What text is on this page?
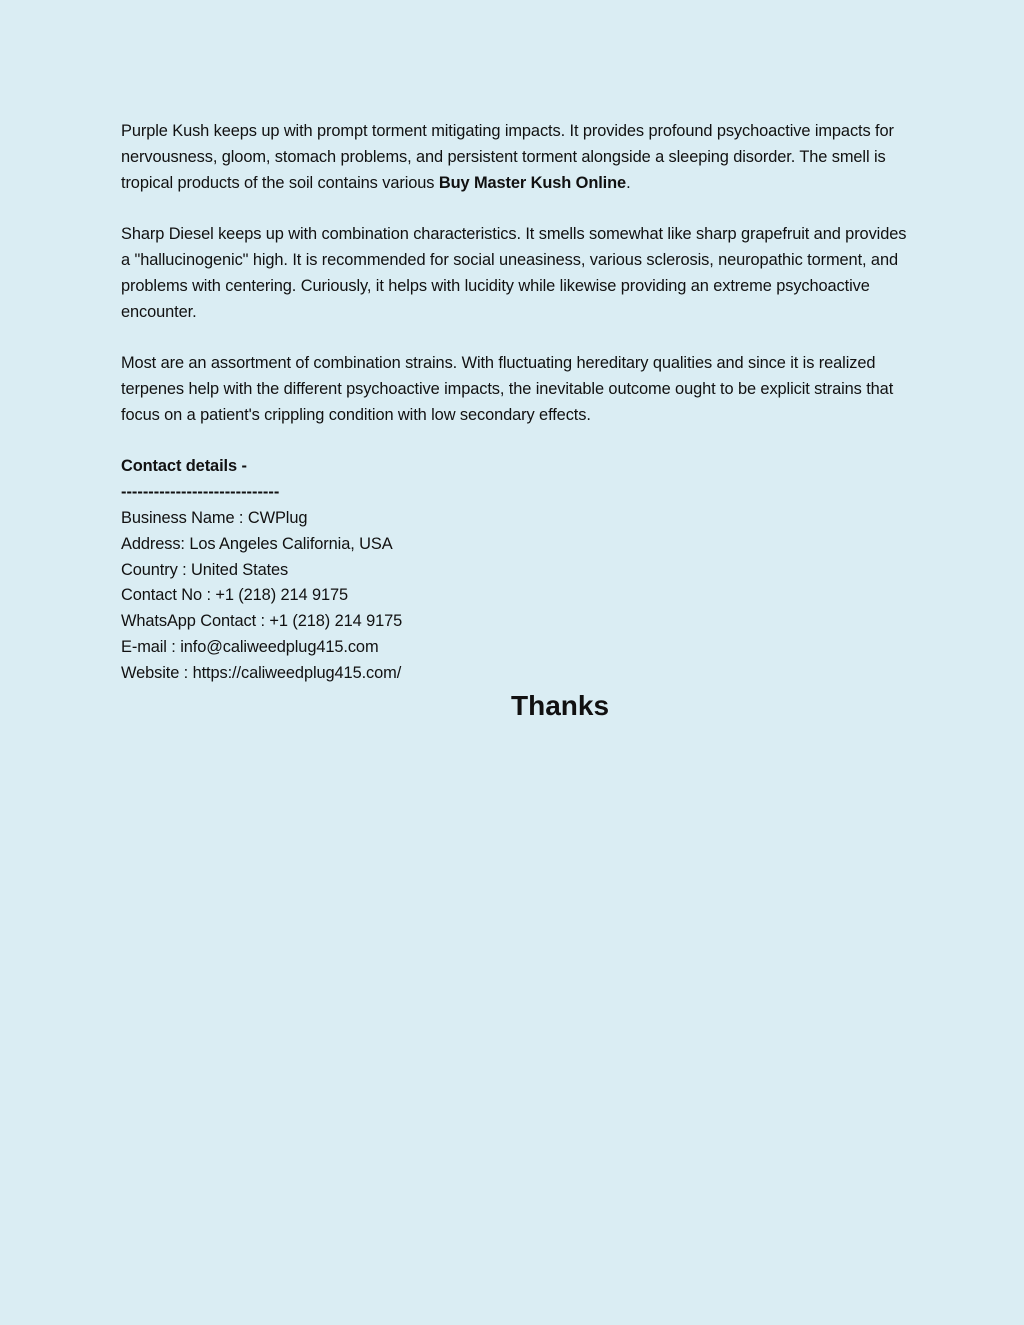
Purple Kush keeps up with prompt torment mitigating impacts. It provides profound psychoactive impacts for nervousness, gloom, stomach problems, and persistent torment alongside a sleeping disorder. The smell is tropical products of the soil contains various Buy Master Kush Online.

Sharp Diesel keeps up with combination characteristics. It smells somewhat like sharp grapefruit and provides a "hallucinogenic" high. It is recommended for social uneasiness, various sclerosis, neuropathic torment, and problems with centering. Curiously, it helps with lucidity while likewise providing an extreme psychoactive encounter.

Most are an assortment of combination strains. With fluctuating hereditary qualities and since it is realized terpenes help with the different psychoactive impacts, the inevitable outcome ought to be explicit strains that focus on a patient's crippling condition with low secondary effects.

Contact details -

-----------------------------

Business Name : CWPlug

Address: Los Angeles California, USA

Country : United States

Contact No : +1 (218) 214 9175

WhatsApp Contact : +1 (218) 214 9175

E-mail : info@caliweedplug415.com

Website : https://caliweedplug415.com/

Thanks
